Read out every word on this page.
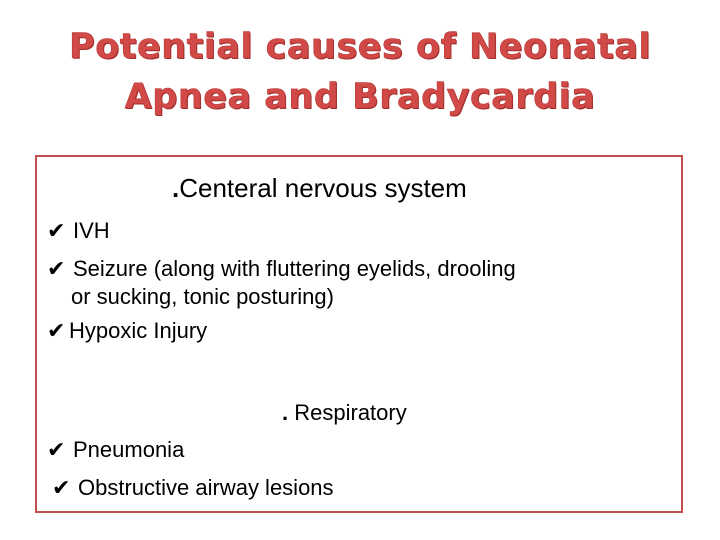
Potential causes of Neonatal
Apnea and Bradycardia
.Centeral nervous system
✔ IVH
✔ Seizure (along with fluttering eyelids, drooling
or sucking, tonic posturing)
✔ Hypoxic Injury
. Respiratory
✔ Pneumonia
✔ Obstructive airway lesions
